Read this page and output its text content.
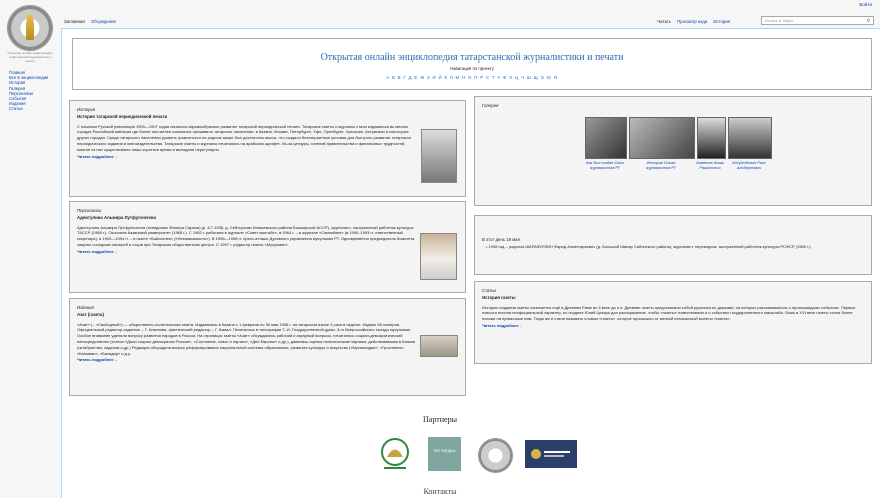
Войти
Открытая онлайн энциклопедия татарстанской журналистики и печати
Главная
Все 6 энциклопедии
История
Галерея
Персоналии
События
Издания
Статьи
Заглавная Обсуждение	Читать Просмотр кода История	Искать в Tatgur	⚲
Открытая онлайн энциклопедия татарстанской журналистики и печати
Навигация по проекту
А Б В Г Д Е Ж З И Й К Л М Н О П Р С Т У Ф Х Ц Ч Ш Щ Э Ю Я
История
История татарской периодической печати
С началом Русской революции 1905—1907 годов началось взрывообразное развитие татарской периодической печати. Татарские газеты и журналы стали издаваться во многих городах Российской империи где более или менее компактно проживало татарское население: в Казани, Москве, Петербурге, Уфе, Оренбурге, Уральске, Астрахани и некоторых других городах. Среди татарского населения уровень грамотности на родном языке был достаточно высок, что создало благоприятные условия для быстрого развития татарского периодического издания и книгоиздательства. Татарские газеты и журналы печатались на арабском шрифте. Из-за цензуры, гонений правительства и финансовых трудностей, многие из них существовали лишь короткое время и выходили нерегулярно.
Читать подробнее→
Персоналии
Адеитулина Альмира Лутфуллоеvна
Адеитулина Альмира Лутфуллоеvна (псевдоним Флюера Сарыяк) (р. 8.7.1938, д. Сейтсулово Илишевского района Башкирской АССР), журналист, заслуженный работник культуры ТАССР (1988 г.). Окончила Казанский университет (1965 г.). С 1962 г. работала в журнале «Совет мәктәбе», в 1964 г. – в журнале «Сююмбике» (в 1990–1993 гг. ответственный секретарь), в 1993—1994 гг. – в газете «Бәйсезлек» («Независимость»). В 1996—1998 гг. пресс-атташе Духовного управления мусульман РТ. Одновременно председатель Комитета защиты соседских матерей и отцов при Татарском общественном центре. С 1997 г. редактор газеты «Мусулман».
Читать подробнее→
Издания
Азат (газета)
«Азат» (– «Свободный») — общественно-политическая газета. Издавалась в Казани с 1 февраля по 30 мая 1906 г. на татарском языке 3 раза в неделю. Издано 56 номеров. Официальный редактор-издатель – Г. Алкинова, фактический редактор – Г. Камал. Печаталась в типографии Т.-И. Государственной думы. 3-го Всероссийского съезда мусульман. Особое внимание уделяли вопросу развития народов в России. На страницах газеты «Азат» обсуждались рабочий и аграрный вопросы, печатались социал-демократический непосредственно (статьи «Дали социал-демократом России», «Состояние, класс и партии», «Дни Европы» и др.), давалась оценка политическим партиям, действовавшим в Казани (октябристам, кадетам и др.) Редакция обсуждала вопрос реформирования национальной системы образования, развития культуры и искусства («Мусаниядия», «Грозлиеня», «Калыван», «Бахадир» и д.р.
Читать подробнее→
Галерея
Как был создан Союз журналистов РТ
История Союза журналистов РТ
Ахметов Искак Рашитович
Абсуйтдинов Раис Альбертович
В этот день 19 мая
• 1936 год – родился ШАРАФУЛЛИН Фарид Ахметгараевич (д. Большой Шинар Сабинского района), журналист, переводчик, заслуженный работник культуры РСФСР (1989 г.).
Статьи
История газеты
История создания газеты начинается ещё в Древнем Риме во II веке до н.э. Древние газеты представляли собой рукописи по держава, на которых рассказывалось о произошедших событиях. Первые новости носили неофициальный характер, но позднее Юлий Цезарь дал распоряжение, чтобы «газеты» повествовали и о событиях государственного масштаба. Лишь в XVI веке газеты стали более похожи на привычные нам. Тогда же и стали называть словом «газета», которое произошло от мелкой итальянской монеты «газета».
Читать подробнее→
Партнеры
ТАТ МЕДИА
Контакты
